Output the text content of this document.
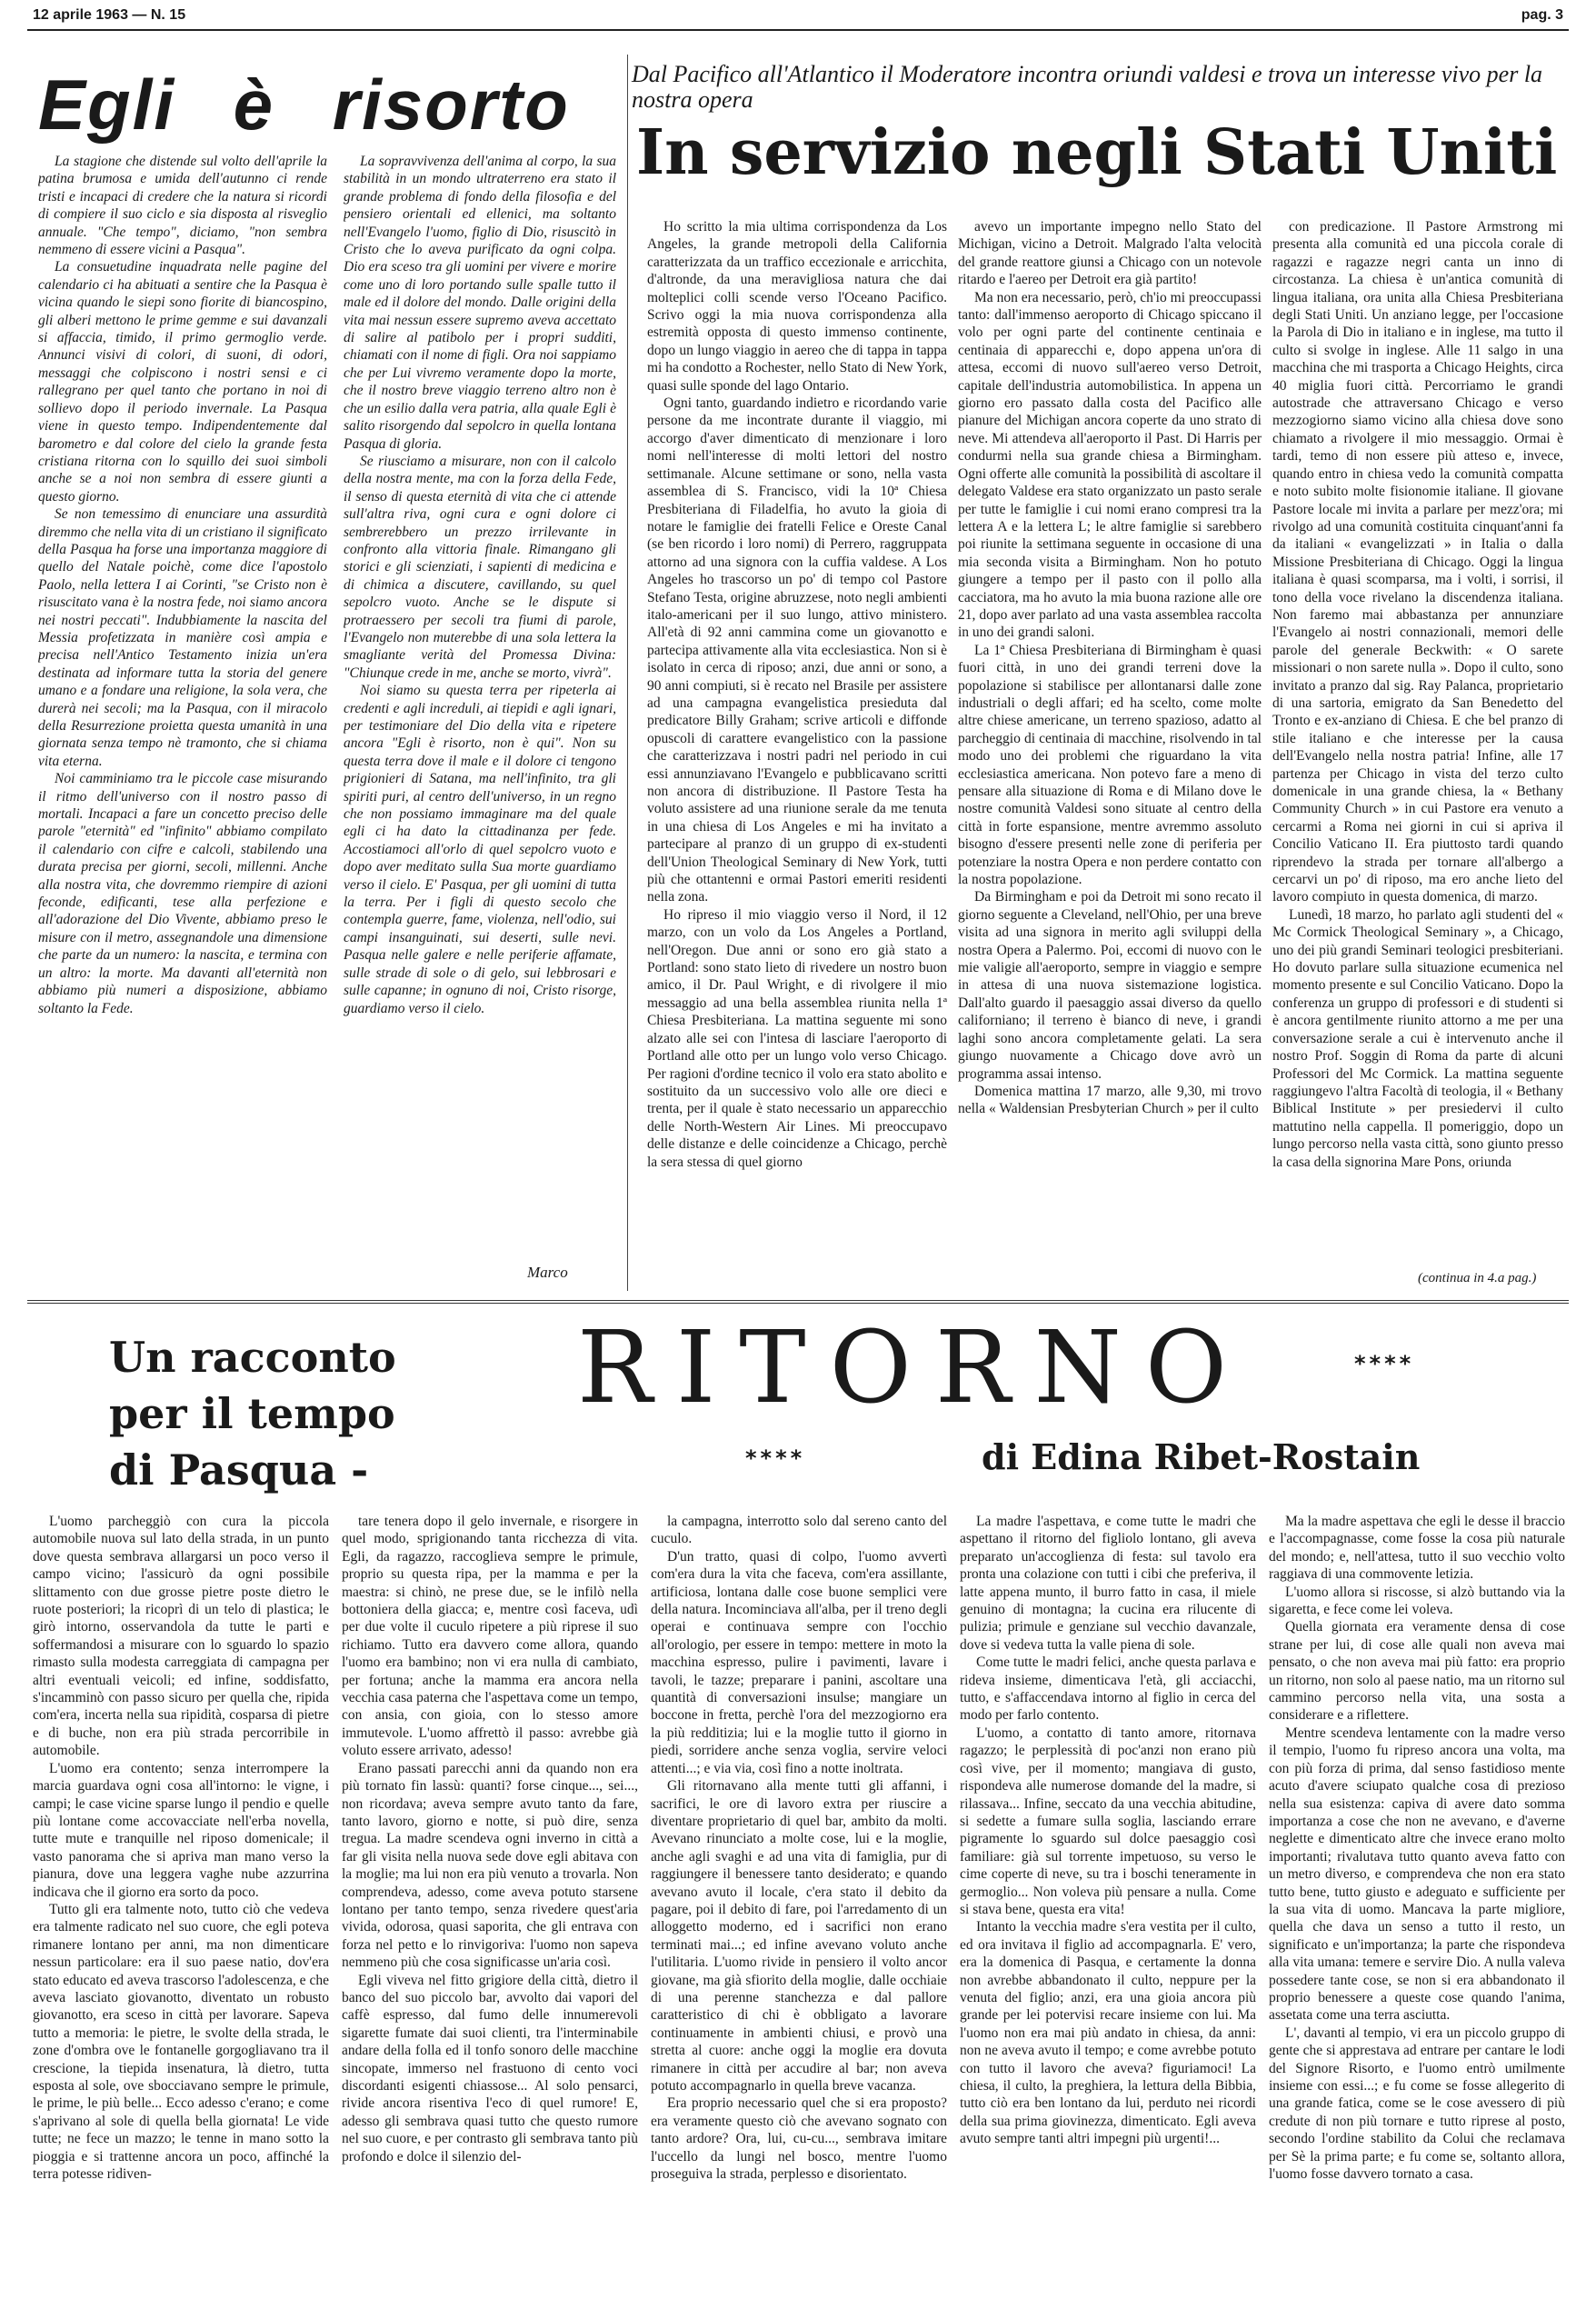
12 aprile 1963 — N. 15	pag. 3
Egli è risorto

La stagione che distende sul volto dell'aprile la patina brumosa e umida dell'autunno ci rende tristi e incapaci di credere che la natura si ricordi di compiere il suo ciclo e sia disposta al risveglio annuale. "Che tempo", diciamo, "non sembra nemmeno di essere vicini a Pasqua".

La consuetudine inquadrata nelle pagine del calendario ci ha abituati a sentire che la Pasqua è vicina quando le siepi sono fiorite di biancospino, gli alberi mettono le prime gemme e sui davanzali si affaccia, timido, il primo germoglio verde. Annunci visivi di colori, di suoni, di odori, messaggi che colpiscono i nostri sensi e ci rallegrano per quel tanto che portano in noi di sollievo dopo il periodo invernale. La Pasqua viene in questo tempo. Indipendentemente dal barometro e dal colore del cielo la grande festa cristiana ritorna con lo squillo dei suoi simboli anche se a noi non sembra di essere giunti a questo giorno.

Se non temessimo di enunciare una assurdità diremmo che nella vita di un cristiano il significato della Pasqua ha forse una importanza maggiore di quello del Natale poichè, come dice l'apostolo Paolo, nella lettera I ai Corinti, "se Cristo non è risuscitato vana è la nostra fede, noi siamo ancora nei nostri peccati". Indubbiamente la nascita del Messia profetizzata in manière così ampia e precisa nell'Antico Testamento inizia un'era destinata ad informare tutta la storia del genere umano e a fondare una religione, la sola vera, che durerà nei secoli; ma la Pasqua, con il miracolo della Resurrezione proietta questa umanità in una giornata senza tempo nè tramonto, che si chiama vita eterna.

Noi camminiamo tra le piccole case misurando il ritmo dell'universo con il nostro passo di mortali. Incapaci a fare un concetto preciso delle parole "eternità" ed "infinito" abbiamo compilato il calendario con cifre e calcoli, stabilendo una durata precisa per giorni, secoli, millenni. Anche alla nostra vita, che dovremmo riempire di azioni feconde, edificanti, tese alla perfezione e all'adorazione del Dio Vivente, abbiamo preso le misure con il metro, assegnandole una dimensione che parte da un numero: la nascita, e termina con un altro: la morte. Ma davanti all'eternità non abbiamo più numeri a disposizione, abbiamo soltanto la Fede.

La sopravvivenza dell'anima al corpo, la sua stabilità in un mondo ultraterreno era stato il grande problema di fondo della filosofia e del pensiero orientali ed ellenici, ma soltanto nell'Evangelo l'uomo, figlio di Dio, risuscitò in Cristo che lo aveva purificato da ogni colpa. Dio era sceso tra gli uomini per vivere e morire come uno di loro portando sulle spalle tutto il male ed il dolore del mondo. Dalle origini della vita mai nessun essere supremo aveva accettato di salire al patibolo per i propri sudditi, chiamati con il nome di figli. Ora noi sappiamo che per Lui vivremo veramente dopo la morte, che il nostro breve viaggio terreno altro non è che un esilio dalla vera patria, alla quale Egli è salito risorgendo dal sepolcro in quella lontana Pasqua di gloria.

Se riusciamo a misurare, non con il calcolo della nostra mente, ma con la forza della Fede, il senso di questa eternità di vita che ci attende sull'altra riva, ogni cura e ogni dolore ci sembrerebbero un prezzo irrilevante in confronto alla vittoria finale. Rimangano gli storici e gli scienziati, i sapienti di medicina e di chimica a discutere, cavillando, su quel sepolcro vuoto. Anche se le dispute si protraessero per secoli tra fiumi di parole, l'Evangelo non muterebbe di una sola lettera la smagliante verità del Promessa Divina: "Chiunque crede in me, anche se morto, vivrà".

Noi siamo su questa terra per ripeterla ai credenti e agli increduli, ai tiepidi e agli ignari, per testimoniare del Dio della vita e ripetere ancora "Egli è risorto, non è qui". Non su questa terra dove il male e il dolore ci tengono prigionieri di Satana, ma nell'infinito, tra gli spiriti puri, al centro dell'universo, in un regno che non possiamo immaginare ma del quale egli ci ha dato la cittadinanza per fede. Accostiamoci all'orlo di quel sepolcro vuoto e dopo aver meditato sulla Sua morte guardiamo verso il cielo. E' Pasqua, per gli uomini di tutta la terra. Per i figli di questo secolo che contempla guerre, fame, violenza, nell'odio, sui campi insanguinati, sui deserti, sulle nevi. Pasqua nelle galere e nelle periferie affamate, sulle strade di sole o di gelo, sui lebbrosari e sulle capanne; in ognuno di noi, Cristo risorge, guardiamo verso il cielo.

Marco
Dal Pacifico all'Atlantico il Moderatore incontra oriundi valdesi e trova un interesse vivo per la nostra opera
In servizio negli Stati Uniti

Ho scritto la mia ultima corrispondenza da Los Angeles, la grande metropoli della California caratterizzata da un traffico eccezionale e arricchita, d'altronde, da una meravigliosa natura che dai molteplici colli scende verso l'Oceano Pacifico. Scrivo oggi la mia nuova corrispondenza alla estremità opposta di questo immenso continente, dopo un lungo viaggio in aereo che di tappa in tappa mi ha condotto a Rochester, nello Stato di New York, quasi sulle sponde del lago Ontario.

Ogni tanto, guardando indietro e ricordando varie persone da me incontrate durante il viaggio, mi accorgo d'aver dimenticato di menzionare i loro nomi nell'interesse di molti lettori del nostro settimanale. Alcune settimane or sono, nella vasta assemblea di S. Francisco, vidi la 10ª Chiesa Presbiteriana di Filadelfia, ho avuto la gioia di notare le famiglie dei fratelli Felice e Oreste Canal (se ben ricordo i loro nomi) di Perrero, raggruppata attorno ad una signora con la cuffia valdese. A Los Angeles ho trascorso un po' di tempo col Pastore Stefano Testa, origine abruzzese, noto negli ambienti italo-americani per il suo lungo, attivo ministero. All'età di 92 anni cammina come un giovanotto e partecipa attivamente alla vita ecclesiastica. Non si è isolato in cerca di riposo; anzi, due anni or sono, a 90 anni compiuti, si è recato nel Brasile per assistere ad una campagna evangelistica presieduta dal predicatore Billy Graham; scrive articoli e diffonde opuscoli di carattere evangelistico con la passione che caratterizzava i nostri padri nel periodo in cui essi annunziavano l'Evangelo e pubblicavano scritti non ancora di distribuzione. Il Pastore Testa ha voluto assistere ad una riunione serale da me tenuta in una chiesa di Los Angeles e mi ha invitato a partecipare al pranzo di un gruppo di ex-studenti dell'Union Theological Seminary di New York, tutti più che ottantenni e ormai Pastori emeriti residenti nella zona.

Ho ripreso il mio viaggio verso il Nord, il 12 marzo, con un volo da Los Angeles a Portland, nell'Oregon. Due anni or sono ero già stato a Portland: sono stato lieto di rivedere un nostro buon amico, il Dr. Paul Wright, e di rivolgere il mio messaggio ad una bella assemblea riunita nella 1ª Chiesa Presbiteriana. La mattina seguente mi sono alzato alle sei con l'intesa di lasciare l'aeroporto di Portland alle otto per un lungo volo verso Chicago. Per ragioni d'ordine tecnico il volo era stato abolito e sostituito da un successivo volo alle ore dieci e trenta, per il quale è stato necessario un apparecchio delle North-Western Air Lines. Mi preoccupavo delle distanze e delle coincidenze a Chicago, perchè la sera stessa di quel giorno

avevo un importante impegno nello Stato del Michigan, vicino a Detroit. Malgrado l'alta velocità del grande reattore giunsi a Chicago con un notevole ritardo e l'aereo per Detroit era già partito!

Ma non era necessario, però, ch'io mi preoccupassi tanto: dall'immenso aeroporto di Chicago spiccano il volo per ogni parte del continente centinaia e centinaia di apparecchi e, dopo appena un'ora di attesa, eccomi di nuovo sull'aereo verso Detroit, capitale dell'industria automobilistica. In appena un giorno ero passato dalla costa del Pacifico alle pianure del Michigan ancora coperte da uno strato di neve. Mi attendeva all'aeroporto il Past. Di Harris per condurmi nella sua grande chiesa a Birmingham. Ogni offerte alle comunità la possibilità di ascoltare il delegato Valdese era stato organizzato un pasto serale per tutte le famiglie i cui nomi erano compresi tra la lettera A e la lettera L; le altre famiglie si sarebbero poi riunite la settimana seguente in occasione di una mia seconda visita a Birmingham. Non ho potuto giungere a tempo per il pasto con il pollo alla cacciatora, ma ho avuto la mia buona razione alle ore 21, dopo aver parlato ad una vasta assemblea raccolta in uno dei grandi saloni.

La 1ª Chiesa Presbiteriana di Birmingham è quasi fuori città, in uno dei grandi terreni dove la popolazione si stabilisce per allontanarsi dalle zone industriali o degli affari; ed ha scelto, come molte altre chiese americane, un terreno spazioso, adatto al parcheggio di centinaia di macchine, risolvendo in tal modo uno dei problemi che riguardano la vita ecclesiastica americana. Non potevo fare a meno di pensare alla situazione di Roma e di Milano dove le nostre comunità Valdesi sono situate al centro della città in forte espansione, mentre avremmo assoluto bisogno d'essere presenti nelle zone di periferia per potenziare la nostra Opera e non perdere contatto con la nostra popolazione.

Da Birmingham e poi da Detroit mi sono recato il giorno seguente a Cleveland, nell'Ohio, per una breve visita ad una signora in merito agli sviluppi della nostra Opera a Palermo. Poi, eccomi di nuovo con le mie valigie all'aeroporto, sempre in viaggio e sempre in attesa di una nuova sistemazione logistica. Dall'alto guardo il paesaggio assai diverso da quello californiano; il terreno è bianco di neve, i grandi laghi sono ancora completamente gelati. La sera giungo nuovamente a Chicago dove avrò un programma assai intenso.

Domenica mattina 17 marzo, alle 9,30, mi trovo nella « Waldensian Presbyterian Church » per il culto

con predicazione. Il Pastore Armstrong mi presenta alla comunità ed una piccola corale di ragazzi e ragazze negri canta un inno di circostanza. La chiesa è un'antica comunità di lingua italiana, ora unita alla Chiesa Presbiteriana degli Stati Uniti. Un anziano legge, per l'occasione la Parola di Dio in italiano e in inglese, ma tutto il culto si svolge in inglese. Alle 11 salgo in una macchina che mi trasporta a Chicago Heights, circa 40 miglia fuori città. Percorriamo le grandi autostrade che attraversano Chicago e verso mezzogiorno siamo vicino alla chiesa dove sono chiamato a rivolgere il mio messaggio. Ormai è tardi, temo di non essere più atteso e, invece, quando entro in chiesa vedo la comunità compatta e noto subito molte fisionomie italiane. Il giovane Pastore locale mi invita a parlare per mezz'ora; mi rivolgo ad una comunità costituita cinquant'anni fa da italiani « evangelizzati » in Italia o dalla Missione Presbiteriana di Chicago. Oggi la lingua italiana è quasi scomparsa, ma i volti, i sorrisi, il tono della voce rivelano la discendenza italiana. Non faremo mai abbastanza per annunziare l'Evangelo ai nostri connazionali, memori delle parole del generale Beckwith: « O sarete missionari o non sarete nulla ». Dopo il culto, sono invitato a pranzo dal sig. Ray Palanca, proprietario di una sartoria, emigrato da San Benedetto del Tronto e ex-anziano di Chiesa. E che bel pranzo di stile italiano e che interesse per la causa dell'Evangelo nella nostra patria! Infine, alle 17 partenza per Chicago in vista del terzo culto domenicale in una grande chiesa, la « Bethany Community Church » in cui Pastore era venuto a cercarmi a Roma nei giorni in cui si apriva il Concilio Vaticano II. Era piuttosto tardi quando riprendevo la strada per tornare all'albergo a cercarvi un po' di riposo, ma ero anche lieto del lavoro compiuto in questa domenica, di marzo.

Lunedì, 18 marzo, ho parlato agli studenti del « Mc Cormick Theological Seminary », a Chicago, uno dei più grandi Seminari teologici presbiteriani. Ho dovuto parlare sulla situazione ecumenica nel momento presente e sul Concilio Vaticano. Dopo la conferenza un gruppo di professori e di studenti si è ancora gentilmente riunito attorno a me per una conversazione serale a cui è intervenuto anche il nostro Prof. Soggin di Roma da parte di alcuni Professori del Mc Cormick. La mattina seguente raggiungevo l'altra Facoltà di teologia, il « Bethany Biblical Institute » per presiedervi il culto mattutino nella cappella. Il pomeriggio, dopo un lungo percorso nella vasta città, sono giunto presso la casa della signorina Mare Pons, oriunda

(continua in 4.a pag.)
Un racconto
per il tempo
di Pasqua -
RITORNO	****
****	di Edina Ribet-Rostain

L'uomo parcheggiò con cura la piccola automobile nuova sul lato della strada, in un punto dove questa sembrava allargarsi un poco verso il campo vicino; l'assicurò da ogni possibile slittamento con due grosse pietre poste dietro le ruote posteriori; la ricoprì di un telo di plastica; le girò intorno, osservandola da tutte le parti e soffermandosi a misurare con lo sguardo lo spazio rimasto sulla modesta carreggiata di campagna per altri eventuali veicoli; ed infine, soddisfatto, s'incamminò con passo sicuro per quella che, ripida com'era, incerta nella sua ripidità, cosparsa di pietre e di buche, non era più strada percorribile in automobile.

L'uomo era contento; senza interrompere la marcia guardava ogni cosa all'intorno: le vigne, i campi; le case vicine sparse lungo il pendio e quelle più lontane come accovacciate nell'erba novella, tutte mute e tranquille nel riposo domenicale; il vasto panorama che si apriva man mano verso la pianura, dove una leggera vaghe nube azzurrina indicava che il giorno era sorto da poco.

Tutto gli era talmente noto, tutto ciò che vedeva era talmente radicato nel suo cuore, che egli poteva rimanere lontano per anni, ma non dimenticare nessun particolare: era il suo paese natio, dov'era stato educato ed aveva trascorso l'adolescenza, e che aveva lasciato giovanotto, diventato un robusto giovanotto, era sceso in città per lavorare. Sapeva tutto a memoria: le pietre, le svolte della strada, le zone d'ombra ove le fontanelle gorgogliavano tra il crescione, la tiepida insenatura, là dietro, tutta esposta al sole, ove sbocciavano sempre le primule, le prime, le più belle... Ecco adesso c'erano; e come s'aprivano al sole di quella bella giornata! Le vide tutte; ne fece un mazzo; le tenne in mano sotto la pioggia e si trattenne ancora un poco, affinché la terra potesse ridiven-

tare tenera dopo il gelo invernale, e risorgere in quel modo, sprigionando tanta ricchezza di vita. Egli, da ragazzo, raccoglieva sempre le primule, proprio su questa ripa, per la mamma e per la maestra: si chinò, ne prese due, se le infilò nella bottoniera della giacca; e, mentre così faceva, udì per due volte il cuculo ripetere a più riprese il suo richiamo. Tutto era davvero come allora, quando l'uomo era bambino; non vi era nulla di cambiato, per fortuna; anche la mamma era ancora nella vecchia casa paterna che l'aspettava come un tempo, con ansia, con gioia, con lo stesso amore immutevole. L'uomo affrettò il passo: avrebbe già voluto essere arrivato, adesso!

Erano passati parecchi anni da quando non era più tornato fin lassù: quanti? forse cinque..., sei..., non ricordava; aveva sempre avuto tanto da fare, tanto lavoro, giorno e notte, si può dire, senza tregua. La madre scendeva ogni inverno in città a far gli visita nella nuova sede dove egli abitava con la moglie; ma lui non era più venuto a trovarla. Non comprendeva, adesso, come aveva potuto starsene lontano per tanto tempo, senza rivedere quest'aria vivida, odorosa, quasi saporita, che gli entrava con forza nel petto e lo rinvigoriva: l'uomo non sapeva nemmeno più che cosa significasse un'aria così.

Egli viveva nel fitto grigiore della città, dietro il banco del suo piccolo bar, avvolto dai vapori del caffè espresso, dal fumo delle innumerevoli sigarette fumate dai suoi clienti, tra l'interminabile andare della folla ed il tonfo sonoro delle macchine sincopate, immerso nel frastuono di cento voci discordanti esigenti chiassose... Al solo pensarci, rivide ancora risentiva l'eco di quel rumore! E, adesso gli sembrava quasi tutto che questo rumore nel suo cuore, e per contrasto gli sembrava tanto più profondo e dolce il silenzio del-

la campagna, interrotto solo dal sereno canto del cuculo.

D'un tratto, quasi di colpo, l'uomo avvertì com'era dura la vita che faceva, com'era assillante, artificiosa, lontana dalle cose buone semplici vere della natura. Incominciava all'alba, per il treno degli operai e continuava sempre con l'occhio all'orologio, per essere in tempo: mettere in moto la macchina espresso, pulire i pavimenti, lavare i tavoli, le tazze; preparare i panini, ascoltare una quantità di conversazioni insulse; mangiare un boccone in fretta, perchè l'ora del mezzogiorno era la più redditizia; lui e la moglie tutto il giorno in piedi, sorridere anche senza voglia, servire veloci attenti...; e via via, così fino a notte inoltrata.

Gli ritornavano alla mente tutti gli affanni, i sacrifici, le ore di lavoro extra per riuscire a diventare proprietario di quel bar, ambito da molti. Avevano rinunciato a molte cose, lui e la moglie, anche agli svaghi e ad una vita di famiglia, pur di raggiungere il benessere tanto desiderato; e quando avevano avuto il locale, c'era stato il debito da pagare, poi il debito di fare, poi l'arredamento di un alloggetto moderno, ed i sacrifici non erano terminati mai...; ed infine avevano voluto anche l'utilitaria. L'uomo rivide in pensiero il volto ancor giovane, ma già sfiorito della moglie, dalle occhiaie di una perenne stanchezza e dal pallore caratteristico di chi è obbligato a lavorare continuamente in ambienti chiusi, e provò una stretta al cuore: anche oggi la moglie era dovuta rimanere in città per accudire al bar; non aveva potuto accompagnarlo in quella breve vacanza.

Era proprio necessario quel che si era proposto? era veramente questo ciò che avevano sognato con tanto ardore? Ora, lui, cu-cu..., sembrava imitare l'uccello da lungi nel bosco, mentre l'uomo proseguiva la strada, perplesso e disorientato.

La madre l'aspettava, e come tutte le madri che aspettano il ritorno del figliolo lontano, gli aveva preparato un'accoglienza di festa: sul tavolo era pronta una colazione con tutti i cibi che preferiva, il latte appena munto, il burro fatto in casa, il miele genuino di montagna; la cucina era rilucente di pulizia; primule e genziane sul vecchio davanzale, dove si vedeva tutta la valle piena di sole.

Come tutte le madri felici, anche questa parlava e rideva insieme, dimenticava l'età, gli acciacchi, tutto, e s'affaccendava intorno al figlio in cerca del modo per farlo contento.

L'uomo, a contatto di tanto amore, ritornava ragazzo; le perplessità di poc'anzi non erano più così vive, per il momento; mangiava di gusto, rispondeva alle numerose domande del la madre, si rilassava... Infine, seccato da una vecchia abitudine, si sedette a fumare sulla soglia, lasciando errare pigramente lo sguardo sul dolce paesaggio così familiare: già sul torrente impetuoso, su verso le cime coperte di neve, su tra i boschi teneramente in germoglio... Non voleva più pensare a nulla. Come si stava bene, questa era vita!

Intanto la vecchia madre s'era vestita per il culto, ed ora invitava il figlio ad accompagnarla. E' vero, era la domenica di Pasqua, e certamente la donna non avrebbe abbandonato il culto, neppure per la venuta del figlio; anzi, era una gioia ancora più grande per lei potervisi recare insieme con lui. Ma l'uomo non era mai più andato in chiesa, da anni: non ne aveva avuto il tempo; e come avrebbe potuto con tutto il lavoro che aveva? figuriamoci! La chiesa, il culto, la preghiera, la lettura della Bibbia, tutto ciò era ben lontano da lui, perduto nei ricordi della sua prima giovinezza, dimenticato. Egli aveva avuto sempre tanti altri impegni più urgenti!...

Ma la madre aspettava che egli le desse il braccio e l'accompagnasse, come fosse la cosa più naturale del mondo; e, nell'attesa, tutto il suo vecchio volto raggiava di una commovente letizia.

L'uomo allora si riscosse, si alzò buttando via la sigaretta, e fece come lei voleva.

Quella giornata era veramente densa di cose strane per lui, di cose alle quali non aveva mai pensato, o che non aveva mai più fatto: era proprio un ritorno, non solo al paese natio, ma un ritorno sul cammino percorso nella vita, una sosta a considerare e a riflettere.

Mentre scendeva lentamente con la madre verso il tempio, l'uomo fu ripreso ancora una volta, ma con più forza di prima, dal senso fastidioso mente acuto d'avere sciupato qualche cosa di prezioso nella sua esistenza: capiva di avere dato somma importanza a cose che non ne avevano, e d'averne neglette e dimenticato altre che invece erano molto importanti; rivalutava tutto quanto aveva fatto con un metro diverso, e comprendeva che non era stato tutto bene, tutto giusto e adeguato e sufficiente per la sua vita di uomo. Mancava la parte migliore, quella che dava un senso a tutto il resto, un significato e un'importanza; la parte che rispondeva alla vita umana: temere e servire Dio. A nulla valeva possedere tante cose, se non si era abbandonato il proprio benessere a queste cose quando l'anima, assetata come una terra asciutta.

L', davanti al tempio, vi era un piccolo gruppo di gente che si apprestava ad entrare per cantare le lodi del Signore Risorto, e l'uomo entrò umilmente insieme con essi...; e fu come se fosse allegerito di una grande fatica, come se le cose avessero di più credute di non più tornare e tutto riprese al posto, secondo l'ordine stabilito da Colui che reclamava per Sè la prima parte; e fu come se, soltanto allora, l'uomo fosse davvero tornato a casa.
